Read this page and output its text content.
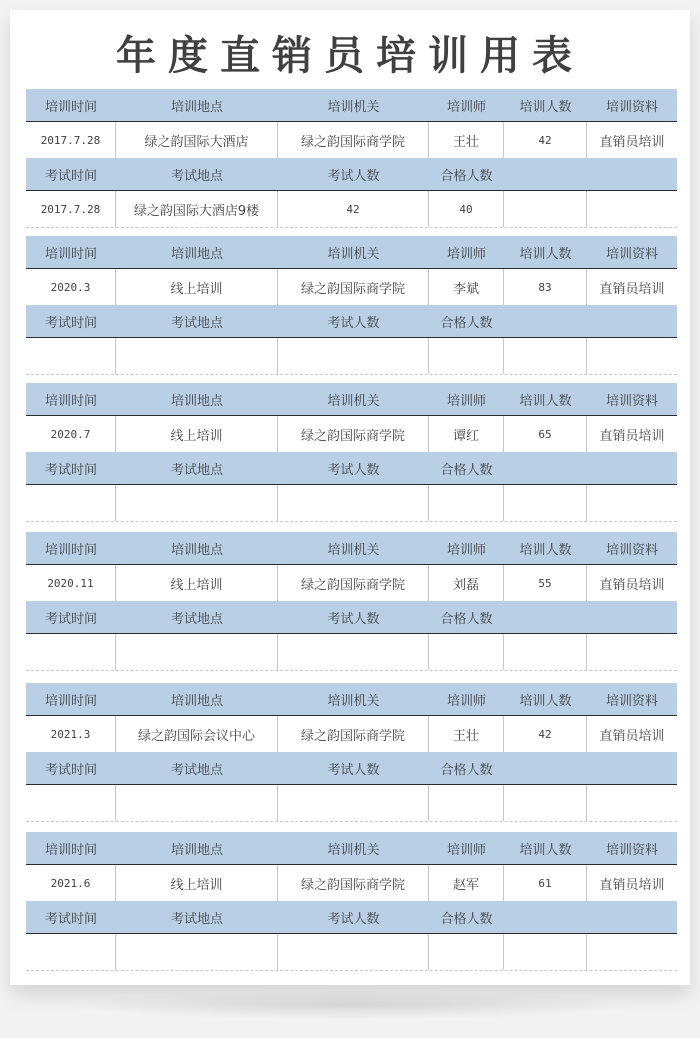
年度直销员培训用表
培训时间	培训地点	培训机关	培训师	培训人数	培训资料
2017.7.28	绿之韵国际大酒店	绿之韵国际商学院	王壮	42	直销员培训
考试时间	考试地点	考试人数	合格人数
2017.7.28	绿之韵国际大酒店9楼	42	40
培训时间	培训地点	培训机关	培训师	培训人数	培训资料
2020.3	线上培训	绿之韵国际商学院	李斌	83	直销员培训
考试时间	考试地点	考试人数	合格人数
培训时间	培训地点	培训机关	培训师	培训人数	培训资料
2020.7	线上培训	绿之韵国际商学院	谭红	65	直销员培训
考试时间	考试地点	考试人数	合格人数
培训时间	培训地点	培训机关	培训师	培训人数	培训资料
2020.11	线上培训	绿之韵国际商学院	刘磊	55	直销员培训
考试时间	考试地点	考试人数	合格人数
培训时间	培训地点	培训机关	培训师	培训人数	培训资料
2021.3	绿之韵国际会议中心	绿之韵国际商学院	王壮	42	直销员培训
考试时间	考试地点	考试人数	合格人数
培训时间	培训地点	培训机关	培训师	培训人数	培训资料
2021.6	线上培训	绿之韵国际商学院	赵军	61	直销员培训
考试时间	考试地点	考试人数	合格人数
